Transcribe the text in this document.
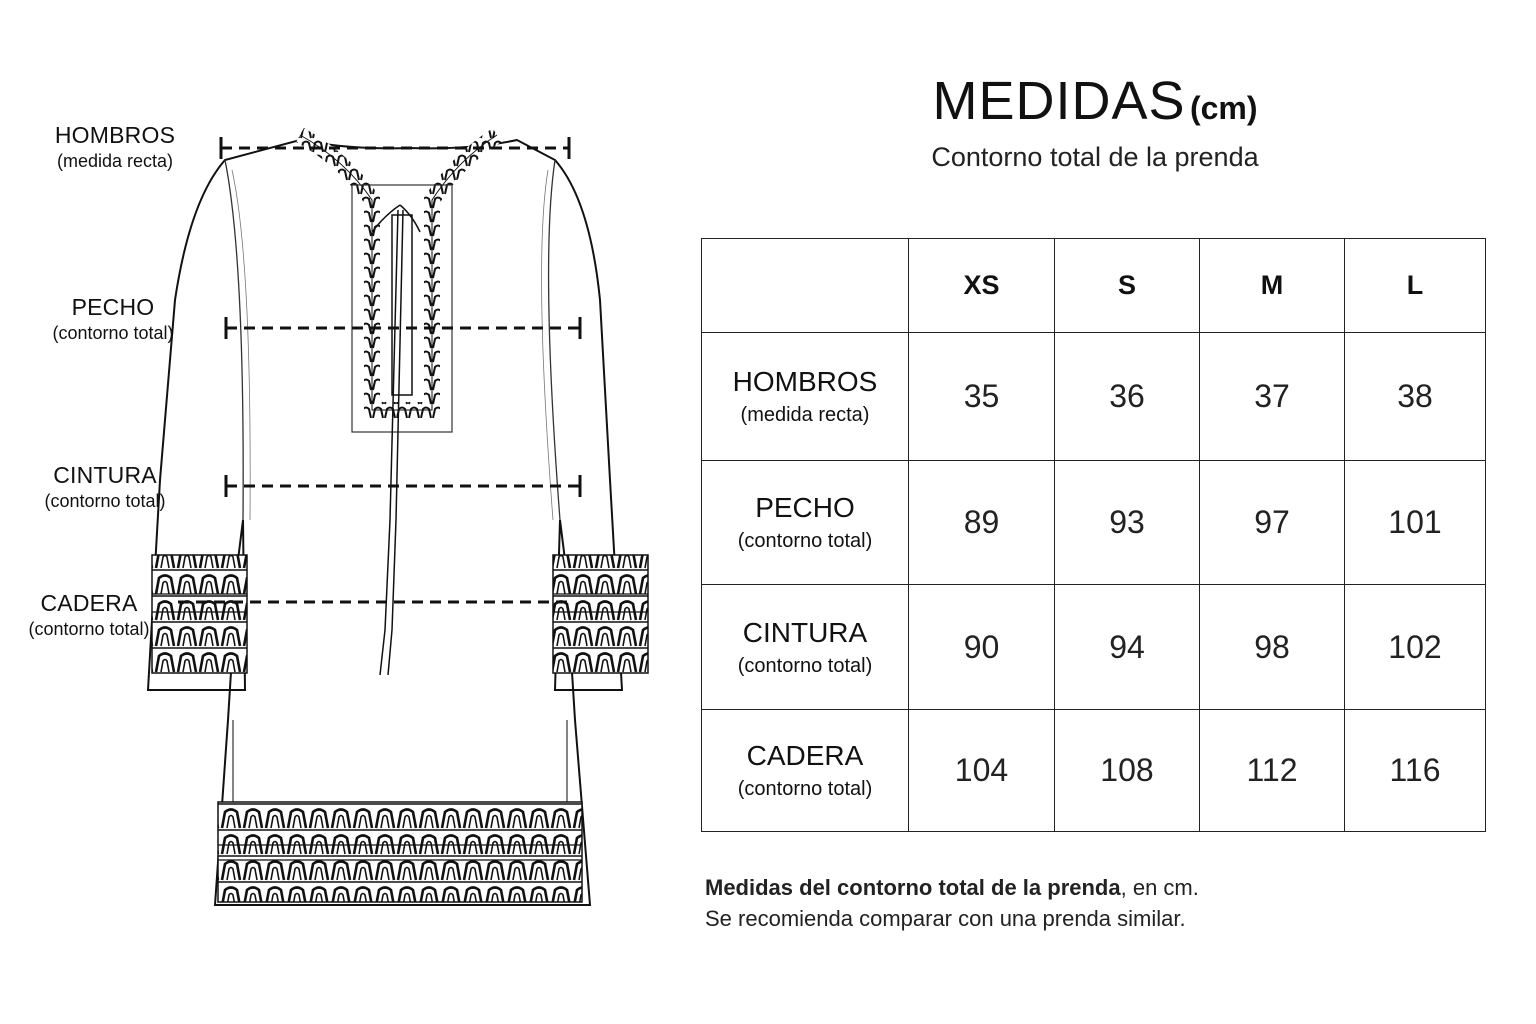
HOMBROS
(medida recta)
PECHO
(contorno total)
CINTURA
(contorno total)
CADERA
(contorno total)
MEDIDAS (cm)
Contorno total de la prenda
	XS	S	M	L

HOMBROS
(medida recta)	35	36	37	38

PECHO
(contorno total)	89	93	97	101

CINTURA
(contorno total)	90	94	98	102

CADERA
(contorno total)	104	108	112	116
Medidas del contorno total de la prenda, en cm.
Se recomienda comparar con una prenda similar.
